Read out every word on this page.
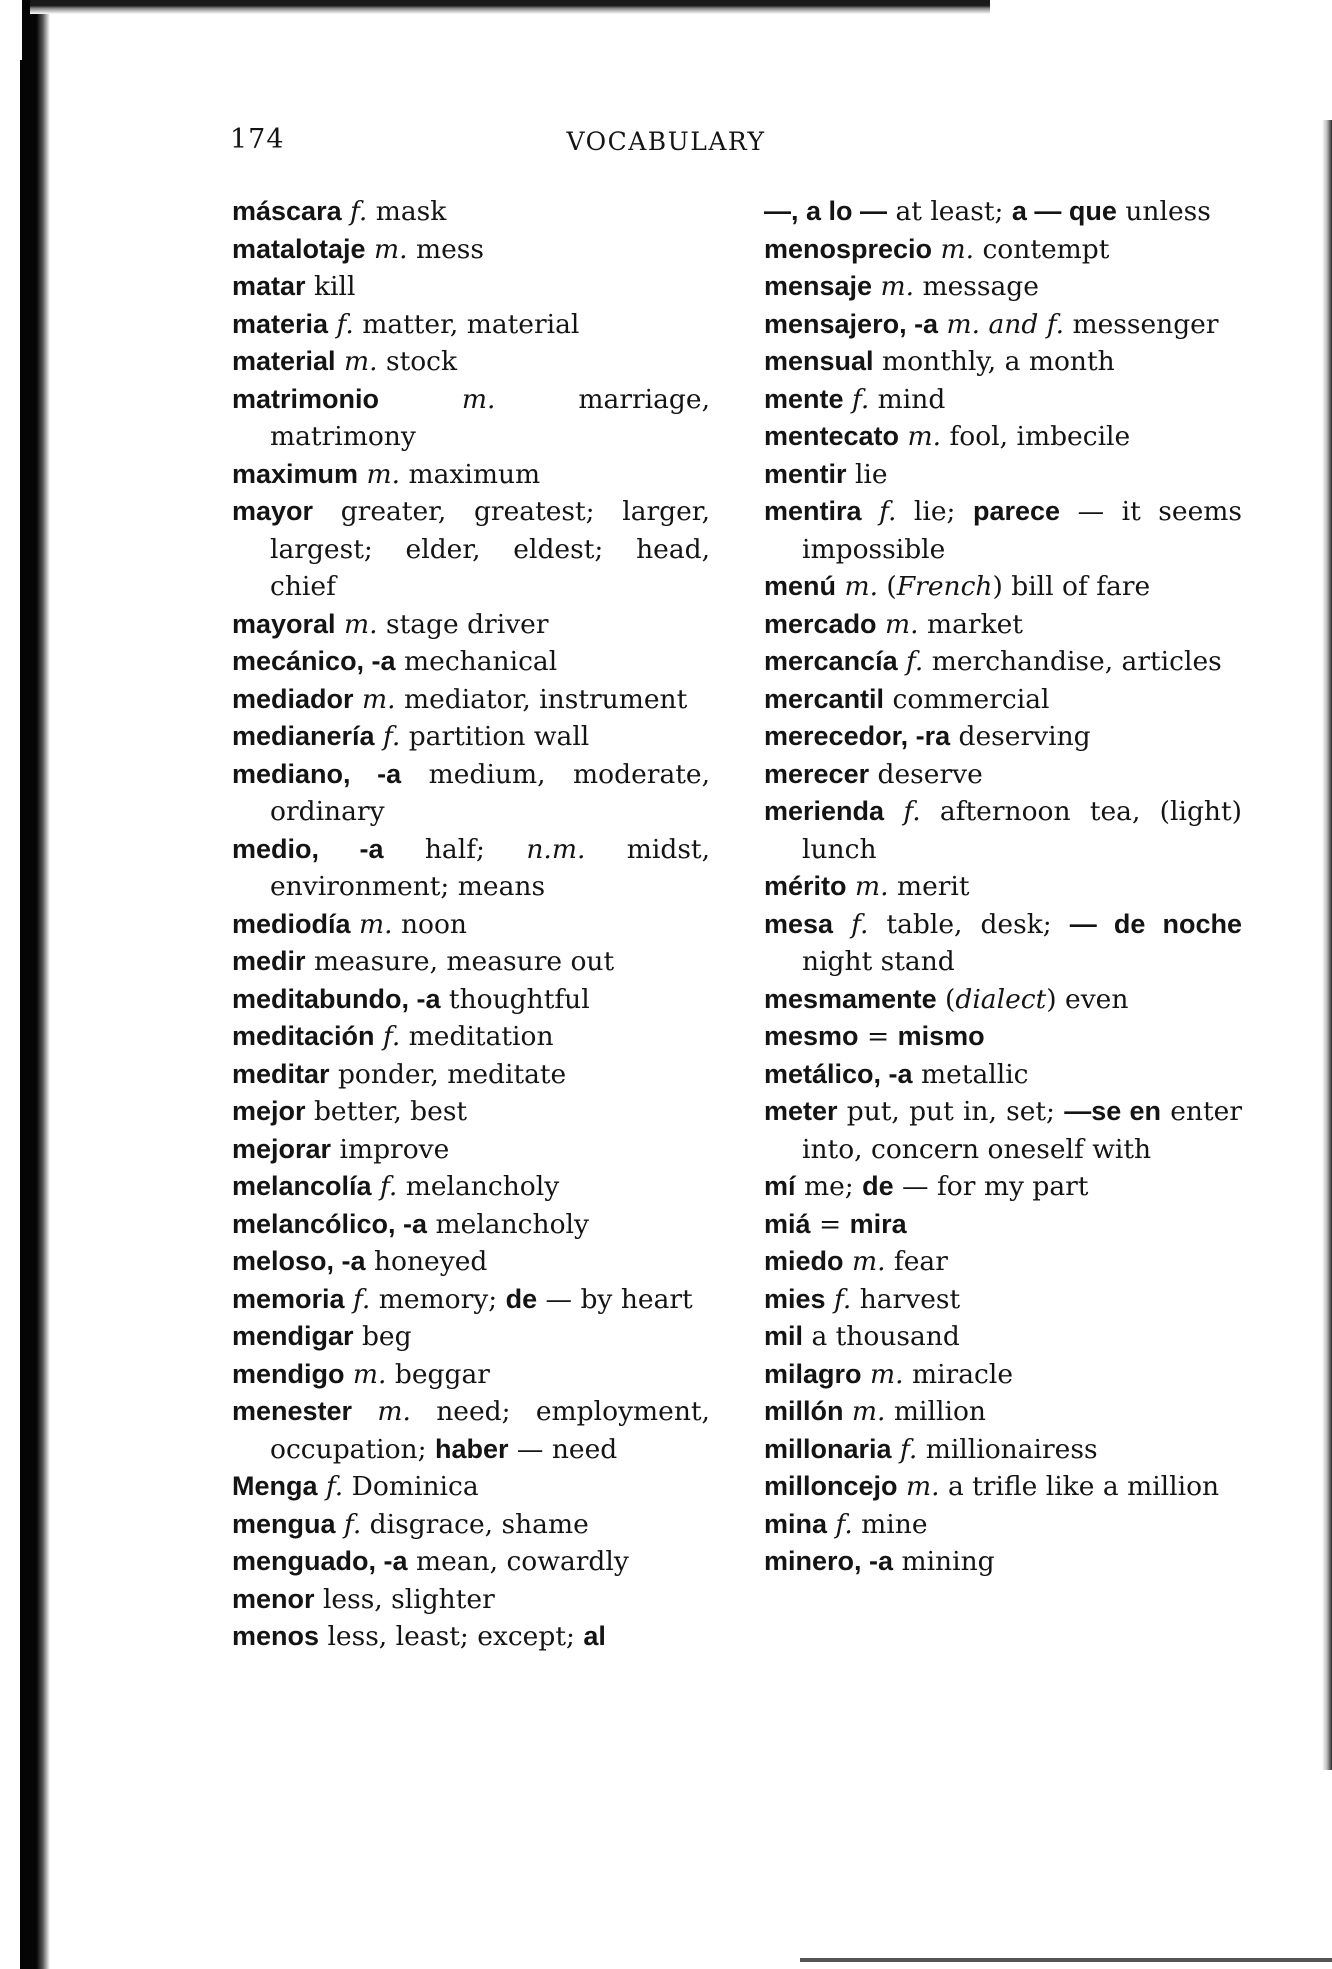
174	VOCABULARY
máscara f. mask
matalotaje m. mess
matar kill
materia f. matter, material
material m. stock
matrimonio m. marriage, matrimony
maximum m. maximum
mayor greater, greatest; larger, largest; elder, eldest; head, chief
mayoral m. stage driver
mecánico, -a mechanical
mediador m. mediator, instrument
medianería f. partition wall
mediano, -a medium, moderate, ordinary
medio, -a half; n.m. midst, environment; means
mediodía m. noon
medir measure, measure out
meditabundo, -a thoughtful
meditación f. meditation
meditar ponder, meditate
mejor better, best
mejorar improve
melancolía f. melancholy
melancólico, -a melancholy
meloso, -a honeyed
memoria f. memory; de — by heart
mendigar beg
mendigo m. beggar
menester m. need; employment, occupation; haber — need
Menga f. Dominica
mengua f. disgrace, shame
menguado, -a mean, cowardly
menor less, slighter
menos less, least; except; al
—, a lo — at least; a — que unless
menosprecio m. contempt
mensaje m. message
mensajero, -a m. and f. messenger
mensual monthly, a month
mente f. mind
mentecato m. fool, imbecile
mentir lie
mentira f. lie; parece — it seems impossible
menú m. (French) bill of fare
mercado m. market
mercancía f. merchandise, articles
mercantil commercial
merecedor, -ra deserving
merecer deserve
merienda f. afternoon tea, (light) lunch
mérito m. merit
mesa f. table, desk; — de noche night stand
mesmamente (dialect) even
mesmo = mismo
metálico, -a metallic
meter put, put in, set; —se en enter into, concern oneself with
mí me; de — for my part
miá = mira
miedo m. fear
mies f. harvest
mil a thousand
milagro m. miracle
millón m. million
millonaria f. millionairess
milloncejo m. a trifle like a million
mina f. mine
minero, -a mining
